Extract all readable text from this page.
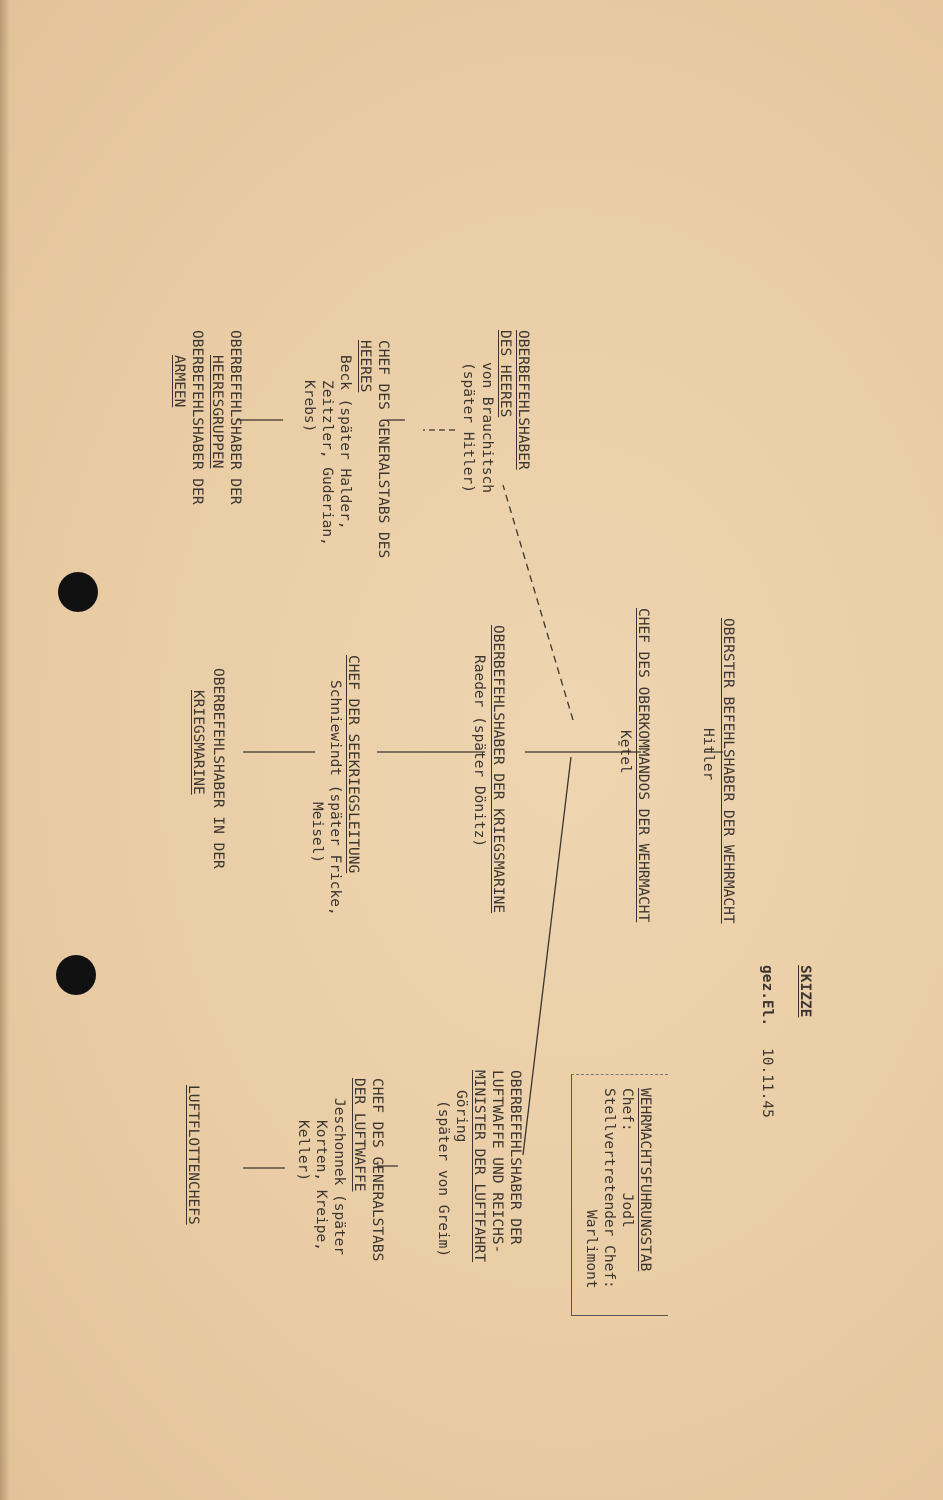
SKIZZE
gez.El.
10.11.45
OBERSTER BEFEHLSHABER DER WEHRMACHT
Hitler
CHEF DES OBERKOMMANDOS DER WEHRMACHT
Ke̱tel
WEHRMACHTSFUHRUNGSTAB
Chef:       Jodl
Stellvertretender Chef:
Warlimont
OBERBEFEHLSHABER
DES HEERES
von Brauchitsch
(später Hitler)
CHEF DES GENERALSTABS DES
HEERES
Beck (später Halder,
Zeitzler, Guderian,
Krebs)
OBERBEFEHLSHABER DER
HEERESGRUPPEN
OBERBEFEHLSHABER DER
ARMEEN
OBERBEFEHLSHABER DER KRIEGSMARINE
Raeder (später Dönitz)
CHEF DER SEEKRIEGSLEITUNG
Schniewindt (später Fricke,
Meisel)
OBERBEFEHLSHABER IN DER
KRIEGSMARINE
OBERBEFEHLSHABER DER
LUFTWAFFE UND REICHS-
MINISTER DER LUFTFAHRT
Göring
(später von Greim)
CHEF DES GENERALSTABS
DER LUFTWAFFE
Jeschonnek (später
Korten, Kreipe,
Keller)
LUFTFLOTTENCHEFS
